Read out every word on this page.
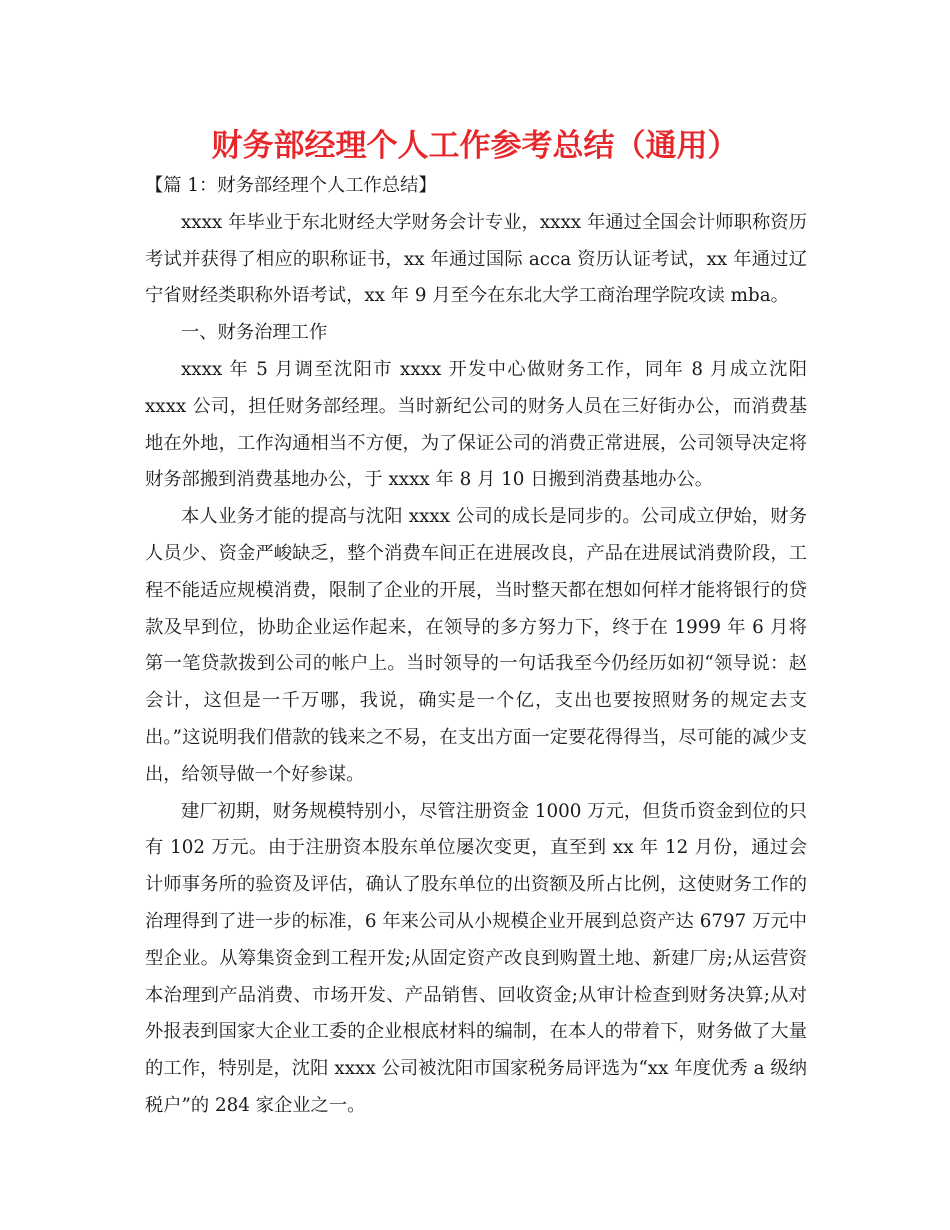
财务部经理个人工作参考总结（通用）

【篇 1：财务部经理个人工作总结】

xxxx 年毕业于东北财经大学财务会计专业，xxxx 年通过全国会计师职称资历考试并获得了相应的职称证书，xx 年通过国际 acca 资历认证考试，xx 年通过辽宁省财经类职称外语考试，xx 年 9 月至今在东北大学工商治理学院攻读 mba。

一、财务治理工作

xxxx 年 5 月调至沈阳市 xxxx 开发中心做财务工作，同年 8 月成立沈阳 xxxx 公司，担任财务部经理。当时新纪公司的财务人员在三好街办公，而消费基地在外地，工作沟通相当不方便，为了保证公司的消费正常进展，公司领导决定将财务部搬到消费基地办公，于 xxxx 年 8 月 10 日搬到消费基地办公。

本人业务才能的提高与沈阳 xxxx 公司的成长是同步的。公司成立伊始，财务人员少、资金严峻缺乏，整个消费车间正在进展改良，产品在进展试消费阶段，工程不能适应规模消费，限制了企业的开展，当时整天都在想如何样才能将银行的贷款及早到位，协助企业运作起来，在领导的多方努力下，终于在 1999 年 6 月将第一笔贷款拨到公司的帐户上。当时领导的一句话我至今仍经历如初“领导说：赵会计，这但是一千万哪，我说，确实是一个亿，支出也要按照财务的规定去支出。”这说明我们借款的钱来之不易，在支出方面一定要花得得当，尽可能的减少支出，给领导做一个好参谋。

建厂初期，财务规模特别小，尽管注册资金 1000 万元，但货币资金到位的只有 102 万元。由于注册资本股东单位屡次变更，直至到 xx 年 12 月份，通过会计师事务所的验资及评估，确认了股东单位的出资额及所占比例，这使财务工作的治理得到了进一步的标准，6 年来公司从小规模企业开展到总资产达 6797 万元中型企业。从筹集资金到工程开发;从固定资产改良到购置土地、新建厂房;从运营资本治理到产品消费、市场开发、产品销售、回收资金;从审计检查到财务决算;从对外报表到国家大企业工委的企业根底材料的编制，在本人的带着下，财务做了大量的工作，特别是，沈阳 xxxx 公司被沈阳市国家税务局评选为“xx 年度优秀 a 级纳税户”的 284 家企业之一。
